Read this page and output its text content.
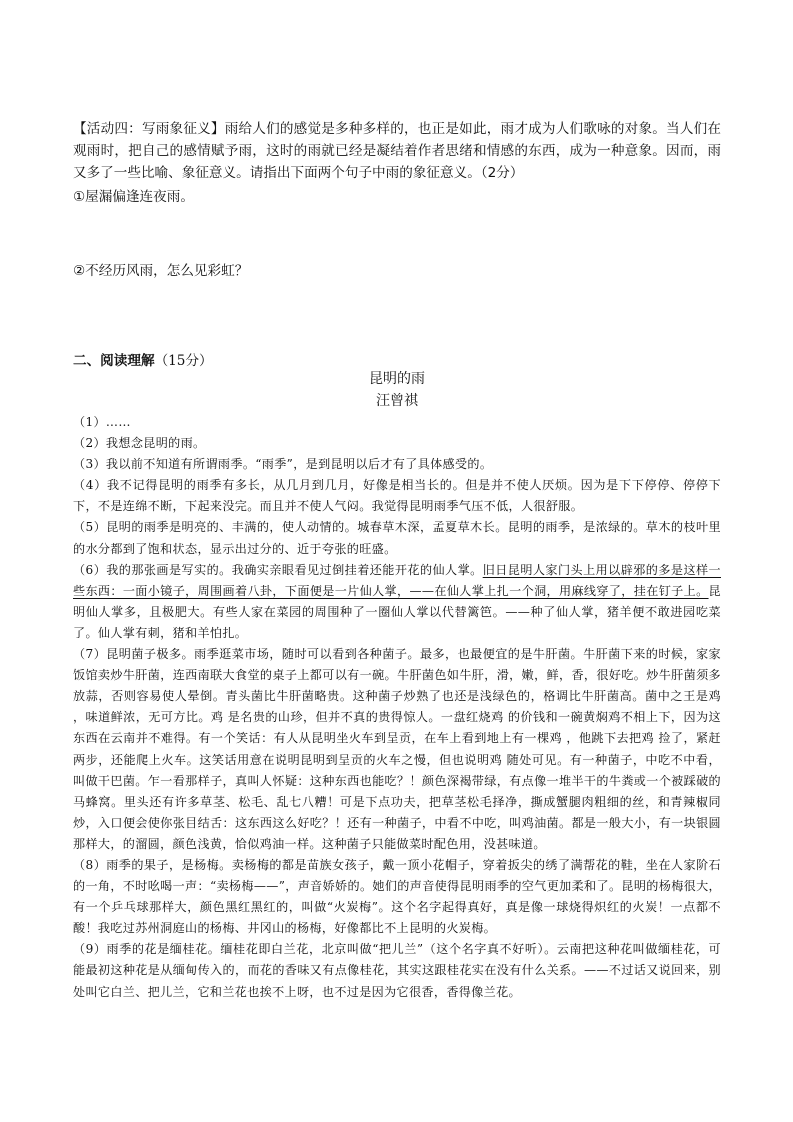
【活动四：写雨象征义】雨给人们的感觉是多种多样的，也正是如此，雨才成为人们歌咏的对象。当人们在观雨时，把自己的感情赋予雨，这时的雨就已经是凝结着作者思绪和情感的东西，成为一种意象。因而，雨又多了一些比喻、象征意义。请指出下面两个句子中雨的象征意义。（2分）

①屋漏偏逢连夜雨。

②不经历风雨，怎么见彩虹？

二、阅读理解（15分）
昆明的雨
汪曾祺

（1）……

（2）我想念昆明的雨。

（3）我以前不知道有所谓雨季。“雨季”，是到昆明以后才有了具体感受的。

（4）我不记得昆明的雨季有多长，从几月到几月，好像是相当长的。但是并不使人厌烦。因为是下下停停、停停下下，不是连绵不断，下起来没完。而且并不使人气闷。我觉得昆明雨季气压不低，人很舒服。

（5）昆明的雨季是明亮的、丰满的，使人动情的。城春草木深，孟夏草木长。昆明的雨季，是浓绿的。草木的枝叶里的水分都到了饱和状态，显示出过分的、近于夸张的旺盛。

（6）我的那张画是写实的。我确实亲眼看见过倒挂着还能开花的仙人掌。旧日昆明人家门头上用以辟邪的多是这样一些东西：一面小镜子，周围画着八卦，下面便是一片仙人掌，——在仙人掌上扎一个洞，用麻线穿了，挂在钉子上。昆明仙人掌多，且极肥大。有些人家在菜园的周围种了一圈仙人掌以代替篱笆。——种了仙人掌，猪羊便不敢进园吃菜了。仙人掌有刺，猪和羊怕扎。

（7）昆明菌子极多。雨季逛菜市场，随时可以看到各种菌子。最多，也最便宜的是牛肝菌。牛肝菌下来的时候，家家饭馆卖炒牛肝菌，连西南联大食堂的桌子上都可以有一碗。牛肝菌色如牛肝，滑，嫩，鲜，香，很好吃。炒牛肝菌须多放蒜，否则容易使人晕倒。青头菌比牛肝菌略贵。这种菌子炒熟了也还是浅绿色的，格调比牛肝菌高。菌中之王是鸡 ，味道鲜浓，无可方比。鸡 是名贵的山珍，但并不真的贵得惊人。一盘红烧鸡 的价钱和一碗黄焖鸡不相上下，因为这东西在云南并不难得。有一个笑话：有人从昆明坐火车到呈贡，在车上看到地上有一棵鸡 ，他跳下去把鸡 捡了，紧赶两步，还能爬上火车。这笑话用意在说明昆明到呈贡的火车之慢，但也说明鸡 随处可见。有一种菌子，中吃不中看，叫做干巴菌。乍一看那样子，真叫人怀疑：这种东西也能吃？！颜色深褐带绿，有点像一堆半干的牛粪或一个被踩破的马蜂窝。里头还有许多草茎、松毛、乱七八糟！可是下点功夫，把草茎松毛择净，撕成蟹腿肉粗细的丝，和青辣椒同炒，入口便会使你张目结舌：这东西这么好吃？！还有一种菌子，中看不中吃，叫鸡油菌。都是一般大小，有一块银圆那样大，的溜圆，颜色浅黄，恰似鸡油一样。这种菌子只能做菜时配色用，没甚味道。

（8）雨季的果子，是杨梅。卖杨梅的都是苗族女孩子，戴一顶小花帽子，穿着扳尖的绣了满帮花的鞋，坐在人家阶石的一角，不时吆喝一声：“卖杨梅——”，声音娇娇的。她们的声音使得昆明雨季的空气更加柔和了。昆明的杨梅很大，有一个乒乓球那样大，颜色黑红黑红的，叫做“火炭梅”。这个名字起得真好，真是像一球烧得炽红的火炭！一点都不酸！我吃过苏州洞庭山的杨梅、井冈山的杨梅，好像都比不上昆明的火炭梅。

（9）雨季的花是缅桂花。缅桂花即白兰花，北京叫做“把儿兰”（这个名字真不好听）。云南把这种花叫做缅桂花，可能最初这种花是从缅甸传入的，而花的香味又有点像桂花，其实这跟桂花实在没有什么关系。——不过话又说回来，别处叫它白兰、把儿兰，它和兰花也挨不上呀，也不过是因为它很香，香得像兰花。
